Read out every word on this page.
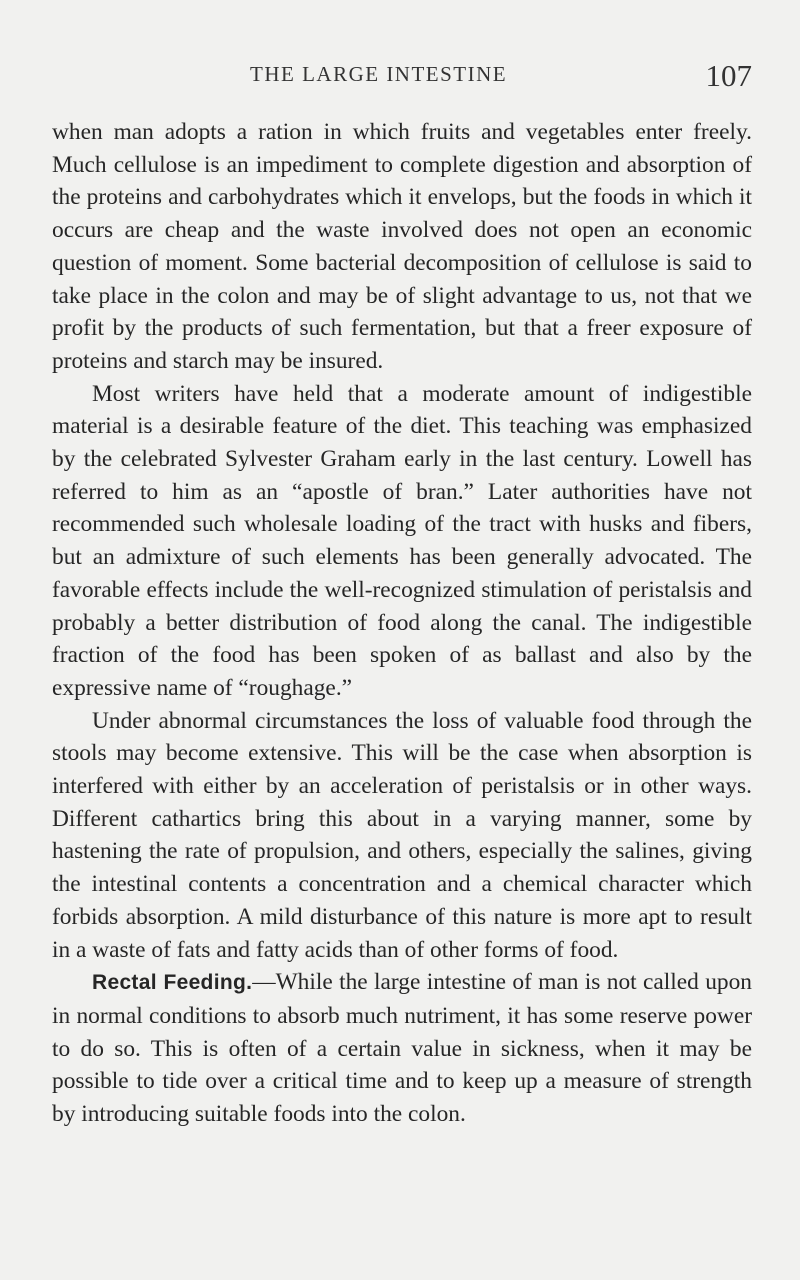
THE LARGE INTESTINE	107

when man adopts a ration in which fruits and vegetables enter freely. Much cellulose is an impediment to complete digestion and absorption of the proteins and carbohydrates which it envelops, but the foods in which it occurs are cheap and the waste involved does not open an economic question of moment. Some bacterial decomposition of cellulose is said to take place in the colon and may be of slight advantage to us, not that we profit by the products of such fermentation, but that a freer exposure of proteins and starch may be insured.

Most writers have held that a moderate amount of indigestible material is a desirable feature of the diet. This teaching was emphasized by the celebrated Sylvester Graham early in the last century. Lowell has referred to him as an “apostle of bran.” Later authorities have not recommended such wholesale loading of the tract with husks and fibers, but an admixture of such elements has been generally advocated. The favorable effects include the well-recognized stimulation of peristalsis and probably a better distribution of food along the canal. The indigestible fraction of the food has been spoken of as ballast and also by the expressive name of “roughage.”

Under abnormal circumstances the loss of valuable food through the stools may become extensive. This will be the case when absorption is interfered with either by an acceleration of peristalsis or in other ways. Different cathartics bring this about in a varying manner, some by hastening the rate of propulsion, and others, especially the salines, giving the intestinal contents a concentration and a chemical character which forbids absorption. A mild disturbance of this nature is more apt to result in a waste of fats and fatty acids than of other forms of food.

Rectal Feeding.—While the large intestine of man is not called upon in normal conditions to absorb much nutriment, it has some reserve power to do so. This is often of a certain value in sickness, when it may be possible to tide over a critical time and to keep up a measure of strength by introducing suitable foods into the colon.
